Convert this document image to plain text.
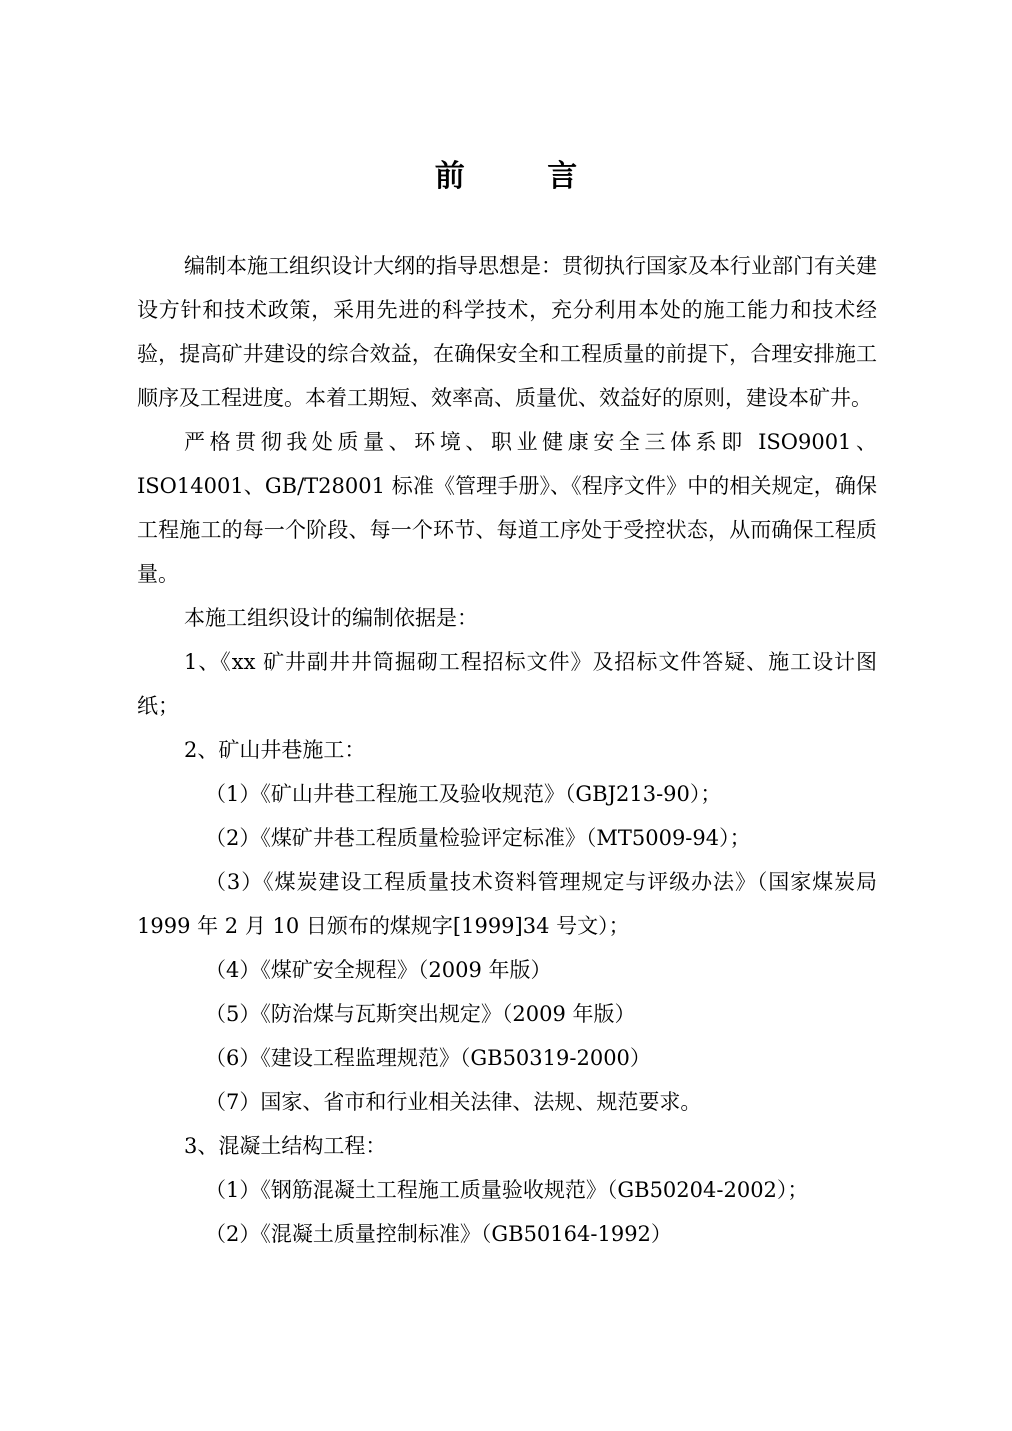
前 言

编制本施工组织设计大纲的指导思想是：贯彻执行国家及本行业部门有关建设方针和技术政策，采用先进的科学技术，充分利用本处的施工能力和技术经验，提高矿井建设的综合效益，在确保安全和工程质量的前提下，合理安排施工顺序及工程进度。本着工期短、效率高、质量优、效益好的原则，建设本矿井。

严格贯彻我处质量、环境、职业健康安全三体系即 ISO9001、ISO14001、GB/T28001 标准《管理手册》、《程序文件》中的相关规定，确保工程施工的每一个阶段、每一个环节、每道工序处于受控状态，从而确保工程质量。

本施工组织设计的编制依据是：

1、《xx 矿井副井井筒掘砌工程招标文件》及招标文件答疑、施工设计图纸；

2、矿山井巷施工：

（1）《矿山井巷工程施工及验收规范》（GBJ213-90）；

（2）《煤矿井巷工程质量检验评定标准》（MT5009-94）；

（3）《煤炭建设工程质量技术资料管理规定与评级办法》（国家煤炭局 1999 年 2 月 10 日颁布的煤规字[1999]34 号文）；

（4）《煤矿安全规程》（2009 年版）

（5）《防治煤与瓦斯突出规定》（2009 年版）

（6）《建设工程监理规范》（GB50319-2000）

（7）国家、省市和行业相关法律、法规、规范要求。

3、混凝土结构工程：

（1）《钢筋混凝土工程施工质量验收规范》（GB50204-2002）；

（2）《混凝土质量控制标准》（GB50164-1992）
